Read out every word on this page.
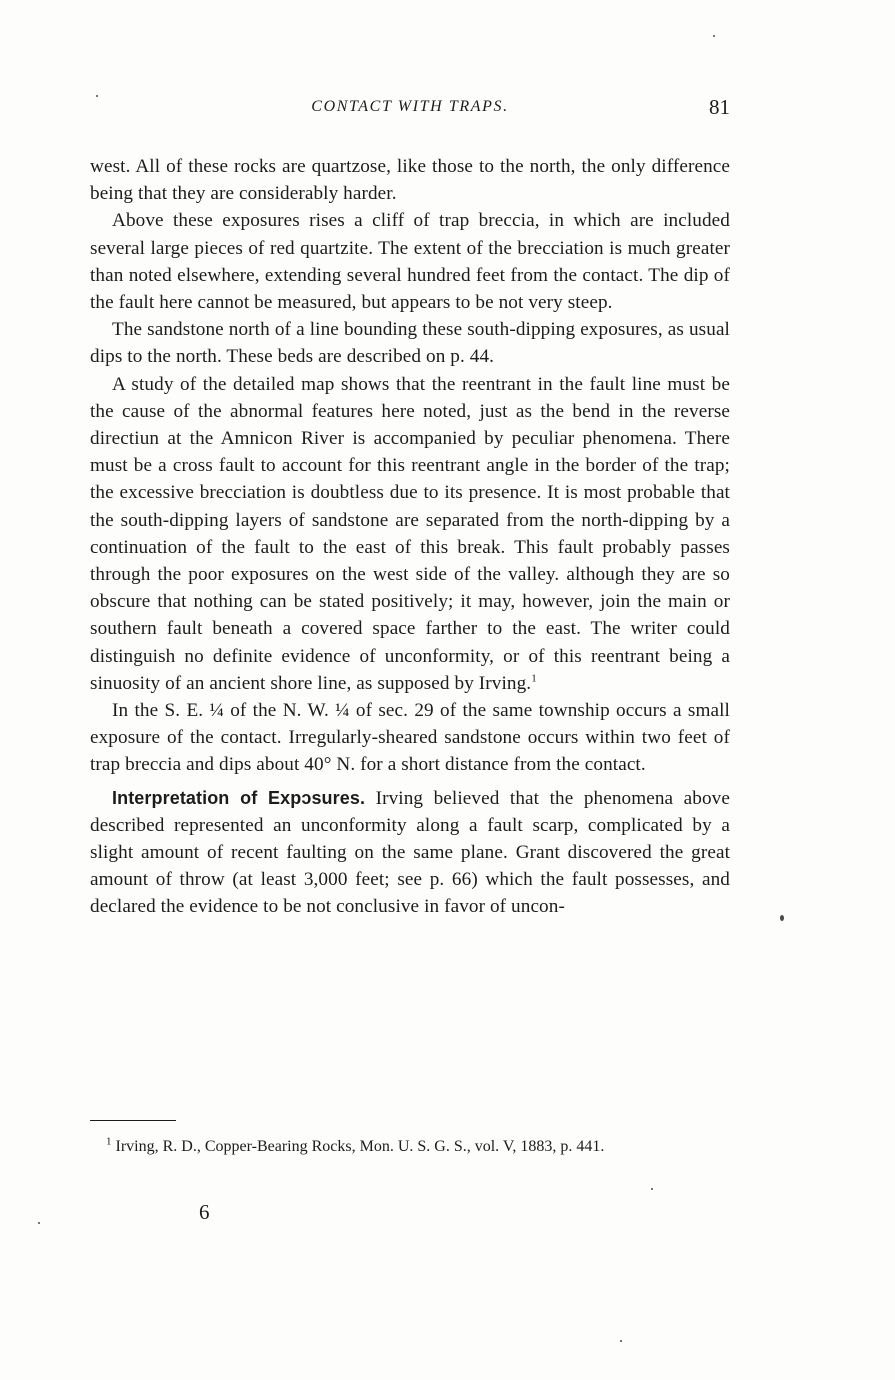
CONTACT WITH TRAPS.	81

west. All of these rocks are quartzose, like those to the north, the only difference being that they are considerably harder.

Above these exposures rises a cliff of trap breccia, in which are included several large pieces of red quartzite. The extent of the brecciation is much greater than noted elsewhere, extending several hundred feet from the contact. The dip of the fault here cannot be measured, but appears to be not very steep.

The sandstone north of a line bounding these south-dipping exposures, as usual dips to the north. These beds are described on p. 44.

A study of the detailed map shows that the reentrant in the fault line must be the cause of the abnormal features here noted, just as the bend in the reverse directiun at the Amnicon River is accompanied by peculiar phenomena. There must be a cross fault to account for this reentrant angle in the border of the trap; the excessive brecciation is doubtless due to its presence. It is most probable that the south-dipping layers of sandstone are separated from the north-dipping by a continuation of the fault to the east of this break. This fault probably passes through the poor exposures on the west side of the valley. although they are so obscure that nothing can be stated positively; it may, however, join the main or southern fault beneath a covered space farther to the east. The writer could distinguish no definite evidence of unconformity, or of this reentrant being a sinuosity of an ancient shore line, as supposed by Irving.$^1$

In the S. E. ¼ of the N. W. ¼ of sec. 29 of the same township occurs a small exposure of the contact. Irregularly-sheared sandstone occurs within two feet of trap breccia and dips about 40° N. for a short distance from the contact.

Interpretation of Expɔsures. Irving believed that the phenomena above described represented an unconformity along a fault scarp, complicated by a slight amount of recent faulting on the same plane. Grant discovered the great amount of throw (at least 3,000 feet; see p. 66) which the fault possesses, and declared the evidence to be not conclusive in favor of uncon-

$^1$ Irving, R. D., Copper-Bearing Rocks, Mon. U. S. G. S., vol. V, 1883, p. 441.

6
